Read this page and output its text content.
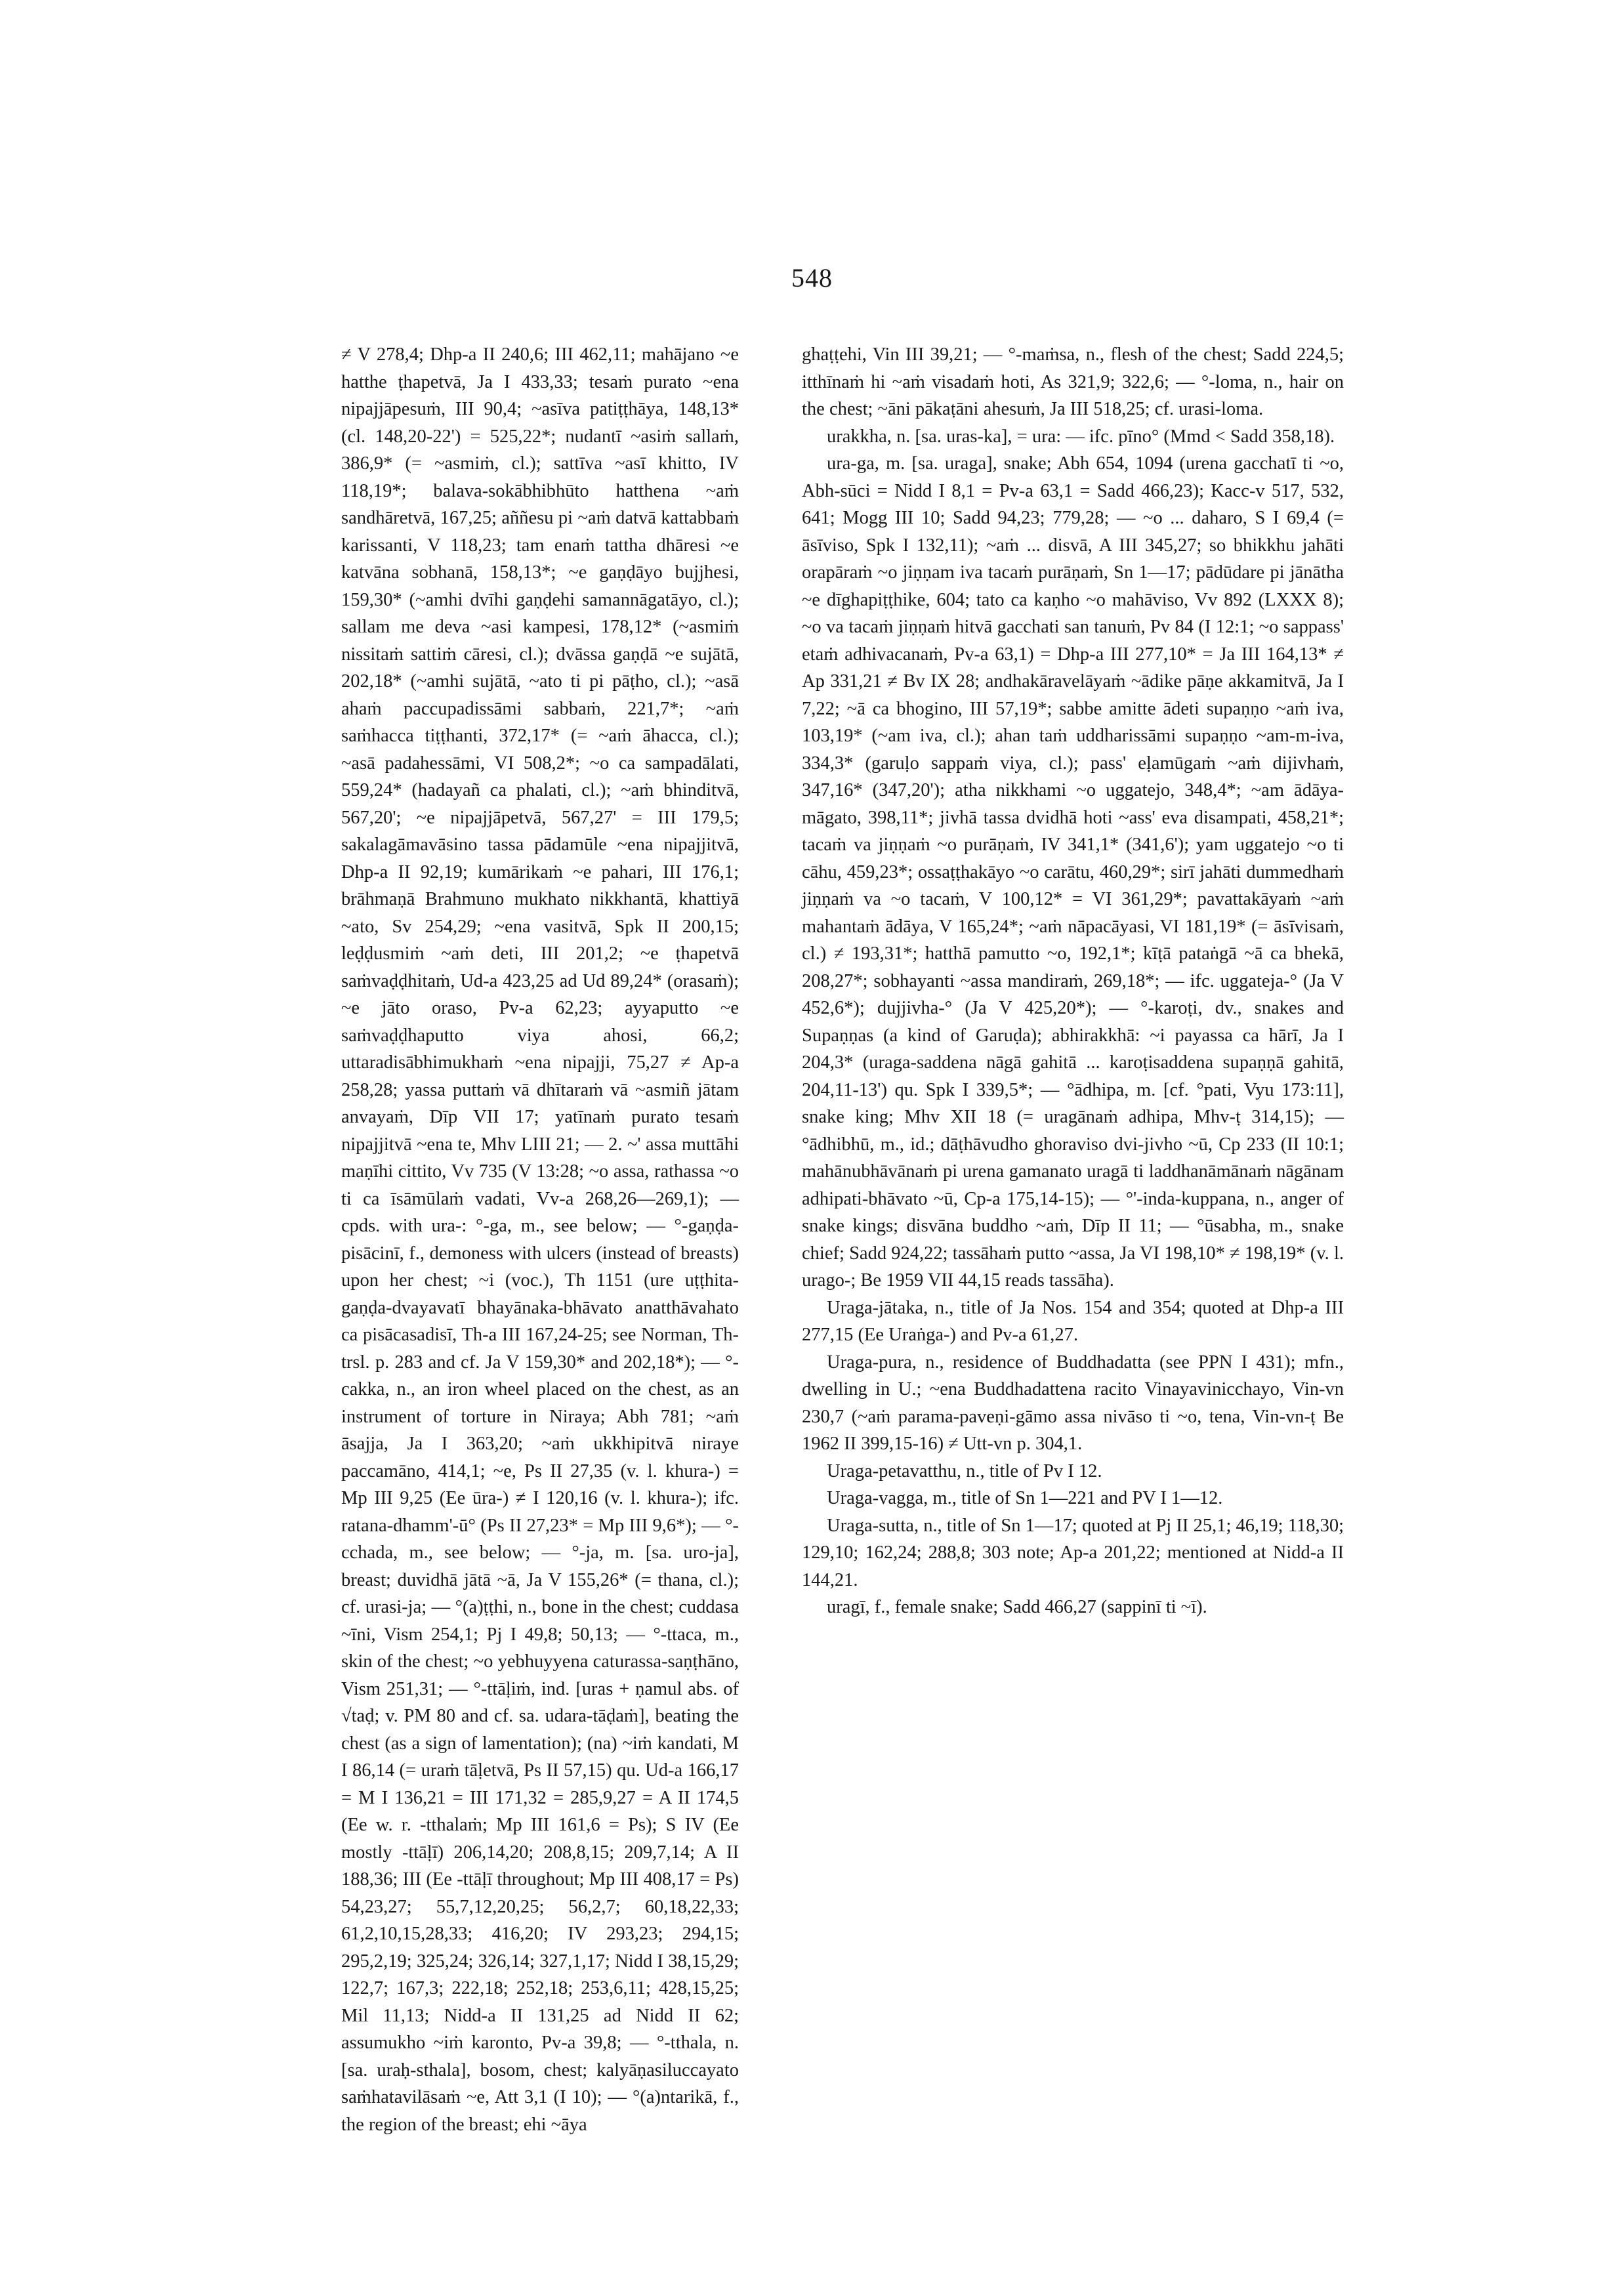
548

≠ V 278,4; Dhp-a II 240,6; III 462,11; mahājano ~e hatthe ṭhapetvā, Ja I 433,33; tesaṁ purato ~ena nipajjāpesuṁ, III 90,4; ~asīva patiṭṭhāya, 148,13* (cl. 148,20-22') = 525,22*; nudantī ~asiṁ sallaṁ, 386,9* (= ~asmiṁ, cl.); sattīva ~asī khitto, IV 118,19*; balava-sokābhibhūto hatthena ~aṁ sandhāretvā, 167,25; aññesu pi ~aṁ datvā kattabbaṁ karissanti, V 118,23; tam enaṁ tattha dhāresi ~e katvāna sobhanā, 158,13*; ~e gaṇḍāyo bujjhesi, 159,30* (~amhi dvīhi gaṇḍehi samannāgatāyo, cl.); sallam me deva ~asi kampesi, 178,12* (~asmiṁ nissitaṁ sattiṁ cāresi, cl.); dvāssa gaṇḍā ~e sujātā, 202,18* (~amhi sujātā, ~ato ti pi pāṭho, cl.); ~asā ahaṁ paccupadissāmi sabbaṁ, 221,7*; ~aṁ saṁhacca tiṭṭhanti, 372,17* (= ~aṁ āhacca, cl.); ~asā padahessāmi, VI 508,2*; ~o ca sampadālati, 559,24* (hadayañ ca phalati, cl.); ~aṁ bhinditvā, 567,20'; ~e nipajjāpetvā, 567,27' = III 179,5; sakalagāmavāsino tassa pādamūle ~ena nipajjitvā, Dhp-a II 92,19; kumārikaṁ ~e pahari, III 176,1; brāhmaṇā Brahmuno mukhato nikkhantā, khattiyā ~ato, Sv 254,29; ~ena vasitvā, Spk II 200,15; leḍḍusmiṁ ~aṁ deti, III 201,2; ~e ṭhapetvā saṁvaḍḍhitaṁ, Ud-a 423,25 ad Ud 89,24* (orasaṁ); ~e jāto oraso, Pv-a 62,23; ayyaputto ~e saṁvaḍḍhaputto viya ahosi, 66,2; uttaradisābhimukhaṁ ~ena nipajji, 75,27 ≠ Ap-a 258,28; yassa puttaṁ vā dhītaraṁ vā ~asmiñ jātam anvayaṁ, Dīp VII 17; yatīnaṁ purato tesaṁ nipajjitvā ~ena te, Mhv LIII 21; — 2. ~' assa muttāhi maṇīhi cittito, Vv 735 (V 13:28; ~o assa, rathassa ~o ti ca īsāmūlaṁ vadati, Vv-a 268,26—269,1); — cpds. with ura-: °-ga, m., see below; — °-gaṇḍa-pisācinī, f., demoness with ulcers (instead of breasts) upon her chest; ~i (voc.), Th 1151 (ure uṭṭhita-gaṇḍa-dvayavatī bhayānaka-bhāvato anatthāvahato ca pisācasadisī, Th-a III 167,24-25; see Norman, Th-trsl. p. 283 and cf. Ja V 159,30* and 202,18*); — °-cakka, n., an iron wheel placed on the chest, as an instrument of torture in Niraya; Abh 781; ~aṁ āsajja, Ja I 363,20; ~aṁ ukkhipitvā niraye paccamāno, 414,1; ~e, Ps II 27,35 (v. l. khura-) = Mp III 9,25 (Ee ūra-) ≠ I 120,16 (v. l. khura-); ifc. ratana-dhamm'-ū° (Ps II 27,23* = Mp III 9,6*); — °-cchada, m., see below; — °-ja, m. [sa. uro-ja], breast; duvidhā jātā ~ā, Ja V 155,26* (= thana, cl.); cf. urasi-ja; — °(a)ṭṭhi, n., bone in the chest; cuddasa ~īni, Vism 254,1; Pj I 49,8; 50,13; — °-ttaca, m., skin of the chest; ~o yebhuyyena caturassa-saṇṭhāno, Vism 251,31; — °-ttāḷiṁ, ind. [uras + ṇamul abs. of √taḍ; v. PM 80 and cf. sa. udara-tāḍaṁ], beating the chest (as a sign of lamentation); (na) ~iṁ kandati, M I 86,14 (= uraṁ tāḷetvā, Ps II 57,15) qu. Ud-a 166,17 = M I 136,21 = III 171,32 = 285,9,27 = A II 174,5 (Ee w. r. -tthalaṁ; Mp III 161,6 = Ps); S IV (Ee mostly -ttāḷī) 206,14,20; 208,8,15; 209,7,14; A II 188,36; III (Ee -ttāḷī throughout; Mp III 408,17 = Ps) 54,23,27; 55,7,12,20,25; 56,2,7; 60,18,22,33; 61,2,10,15,28,33; 416,20; IV 293,23; 294,15; 295,2,19; 325,24; 326,14; 327,1,17; Nidd I 38,15,29; 122,7; 167,3; 222,18; 252,18; 253,6,11; 428,15,25; Mil 11,13; Nidd-a II 131,25 ad Nidd II 62; assumukho ~iṁ karonto, Pv-a 39,8; — °-tthala, n. [sa. uraḥ-sthala], bosom, chest; kalyāṇasiluccayato saṁhatavilāsaṁ ~e, Att 3,1 (I 10); — °(a)ntarikā, f., the region of the breast; ehi ~āya

ghaṭṭehi, Vin III 39,21; — °-maṁsa, n., flesh of the chest; Sadd 224,5; itthīnaṁ hi ~aṁ visadaṁ hoti, As 321,9; 322,6; — °-loma, n., hair on the chest; ~āni pākaṭāni ahesuṁ, Ja III 518,25; cf. urasi-loma.

urakkha, n. [sa. uras-ka], = ura: — ifc. pīno° (Mmd < Sadd 358,18).

ura-ga, m. [sa. uraga], snake; Abh 654, 1094 (urena gacchatī ti ~o, Abh-sūci = Nidd I 8,1 = Pv-a 63,1 = Sadd 466,23); Kacc-v 517, 532, 641; Mogg III 10; Sadd 94,23; 779,28; — ~o ... daharo, S I 69,4 (= āsīviso, Spk I 132,11); ~aṁ ... disvā, A III 345,27; so bhikkhu jahāti orapāraṁ ~o jiṇṇam iva tacaṁ purāṇaṁ, Sn 1—17; pādūdare pi jānātha ~e dīghapiṭṭhike, 604; tato ca kaṇho ~o mahāviso, Vv 892 (LXXX 8); ~o va tacaṁ jiṇṇaṁ hitvā gacchati san tanuṁ, Pv 84 (I 12:1; ~o sappass' etaṁ adhivacanaṁ, Pv-a 63,1) = Dhp-a III 277,10* = Ja III 164,13* ≠ Ap 331,21 ≠ Bv IX 28; andhakāravelāyaṁ ~ādike pāṇe akkamitvā, Ja I 7,22; ~ā ca bhogino, III 57,19*; sabbe amitte ādeti supaṇṇo ~aṁ iva, 103,19* (~am iva, cl.); ahan taṁ uddharissāmi supaṇṇo ~am-m-iva, 334,3* (garuḷo sappaṁ viya, cl.); pass' eḷamūgaṁ ~aṁ dijivhaṁ, 347,16* (347,20'); atha nikkhami ~o uggatejo, 348,4*; ~am ādāya-māgato, 398,11*; jivhā tassa dvidhā hoti ~ass' eva disampati, 458,21*; tacaṁ va jiṇṇaṁ ~o purāṇaṁ, IV 341,1* (341,6'); yam uggatejo ~o ti cāhu, 459,23*; ossaṭṭhakāyo ~o carātu, 460,29*; sirī jahāti dummedhaṁ jiṇṇaṁ va ~o tacaṁ, V 100,12* = VI 361,29*; pavattakāyaṁ ~aṁ mahantaṁ ādāya, V 165,24*; ~aṁ nāpacāyasi, VI 181,19* (= āsīvisaṁ, cl.) ≠ 193,31*; hatthā pamutto ~o, 192,1*; kīṭā pataṅgā ~ā ca bhekā, 208,27*; sobhayanti ~assa mandiraṁ, 269,18*; — ifc. uggateja-° (Ja V 452,6*); dujjivha-° (Ja V 425,20*); — °-karoṭi, dv., snakes and Supaṇṇas (a kind of Garuḍa); abhirakkhā: ~i payassa ca hārī, Ja I 204,3* (uraga-saddena nāgā gahitā ... karoṭisaddena supaṇṇā gahitā, 204,11-13') qu. Spk I 339,5*; — °ādhipa, m. [cf. °pati, Vyu 173:11], snake king; Mhv XII 18 (= uragānaṁ adhipa, Mhv-ṭ 314,15); — °ādhibhū, m., id.; dāṭhāvudho ghoraviso dvi-jivho ~ū, Cp 233 (II 10:1; mahānubhāvānaṁ pi urena gamanato uragā ti laddhanāmānaṁ nāgānam adhipati-bhāvato ~ū, Cp-a 175,14-15); — °'-inda-kuppana, n., anger of snake kings; disvāna buddho ~aṁ, Dīp II 11; — °ūsabha, m., snake chief; Sadd 924,22; tassāhaṁ putto ~assa, Ja VI 198,10* ≠ 198,19* (v. l. urago-; Be 1959 VII 44,15 reads tassāha).

Uraga-jātaka, n., title of Ja Nos. 154 and 354; quoted at Dhp-a III 277,15 (Ee Uraṅga-) and Pv-a 61,27.

Uraga-pura, n., residence of Buddhadatta (see PPN I 431); mfn., dwelling in U.; ~ena Buddhadattena racito Vinayavinicchayo, Vin-vn 230,7 (~aṁ parama-paveṇi-gāmo assa nivāso ti ~o, tena, Vin-vn-ṭ Be 1962 II 399,15-16) ≠ Utt-vn p. 304,1.

Uraga-petavatthu, n., title of Pv I 12.

Uraga-vagga, m., title of Sn 1—221 and PV I 1—12.

Uraga-sutta, n., title of Sn 1—17; quoted at Pj II 25,1; 46,19; 118,30; 129,10; 162,24; 288,8; 303 note; Ap-a 201,22; mentioned at Nidd-a II 144,21.

uragī, f., female snake; Sadd 466,27 (sappinī ti ~ī).
